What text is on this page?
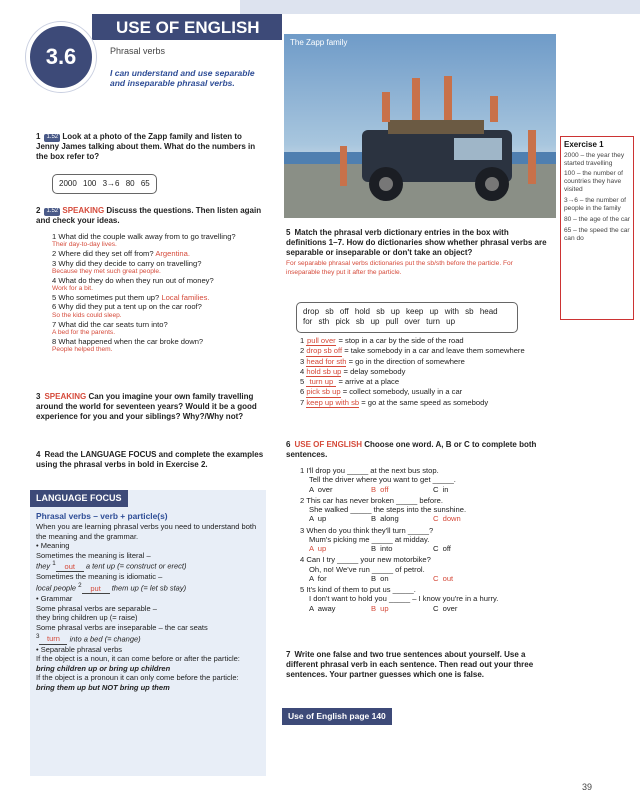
USE OF ENGLISH
3.6	Phrasal verbs
I can understand and use separable and inseparable phrasal verbs.
The Zapp family
Exercise 1
2000 – the year they started travelling
100 – the number of countries they have visited
3→6 – the number of people in the family
80 – the age of the car
65 – the speed the car can do
1 1.52 Look at a photo of the Zapp family and listen to Jenny James talking about them. What do the numbers in the box refer to?
2000 100 3→6 80 65
2 1.52 SPEAKING Discuss the questions. Then listen again and check your ideas.
1 What did the couple walk away from to go travelling?
Their day-to-day lives.
2 Where did they set off from? Argentina.
3 Why did they decide to carry on travelling?
Because they met such great people.
4 What do they do when they run out of money?
Work for a bit.
5 Who sometimes put them up? Local families.
6 Why did they put a tent up on the car roof?
So the kids could sleep.
7 What did the car seats turn into?
A bed for the parents.
8 What happened when the car broke down?
People helped them.
3 SPEAKING Can you imagine your own family travelling around the world for seventeen years? Would it be a good experience for you and your siblings? Why?/Why not?
4 Read the LANGUAGE FOCUS and complete the examples using the phrasal verbs in bold in Exercise 2.
LANGUAGE FOCUS
Phrasal verbs – verb + particle(s)
When you are learning phrasal verbs you need to understand both the meaning and the grammar.
• Meaning
Sometimes the meaning is literal –
they $^1$ out a tent up (= construct or erect)
Sometimes the meaning is idiomatic –
local people $^2$ put them up (= let sb stay)
• Grammar
Some phrasal verbs are separable –
they bring children up (= raise)
Some phrasal verbs are inseparable – the car seats
$^3$ turn into a bed (= change)
• Separable phrasal verbs
If the object is a noun, it can come before or after the particle:
bring children up or bring up children
If the object is a pronoun it can only come before the particle:
bring them up but NOT bring up them
5 Match the phrasal verb dictionary entries in the box with definitions 1–7. How do dictionaries show whether phrasal verbs are separable or inseparable or don't take an object?
For separable phrasal verbs dictionaries put the sb/sth before the particle. For inseparable they put it after the particle.
drop sb off hold sb up keep up with sb head for sth pick sb up pull over turn up
1 pull over = stop in a car by the side of the road
2 drop sb off = take somebody in a car and leave them somewhere
3 head for sth = go in the direction of somewhere
4 hold sb up = delay somebody
5 turn up = arrive at a place
6 pick sb up = collect somebody, usually in a car
7 keep up with sb = go at the same speed as somebody
6 USE OF ENGLISH Choose one word. A, B or C to complete both sentences.
1 I'll drop you _____ at the next bus stop.
Tell the driver where you want to get _____.
A over	B off	C in
2 This car has never broken _____ before.
She walked _____ the steps into the sunshine.
A up	B along	C down
3 When do you think they'll turn _____?
Mum's picking me _____ at midday.
A up	B into	C off
4 Can I try _____ your new motorbike?
Oh, no! We've run _____ of petrol.
A for	B on	C out
5 It's kind of them to put us _____.
I don't want to hold you _____ – I know you're in a hurry.
A away	B up	C over
7 Write one false and two true sentences about yourself. Use a different phrasal verb in each sentence. Then read out your three sentences. Your partner guesses which one is false.
Use of English page 140
39
